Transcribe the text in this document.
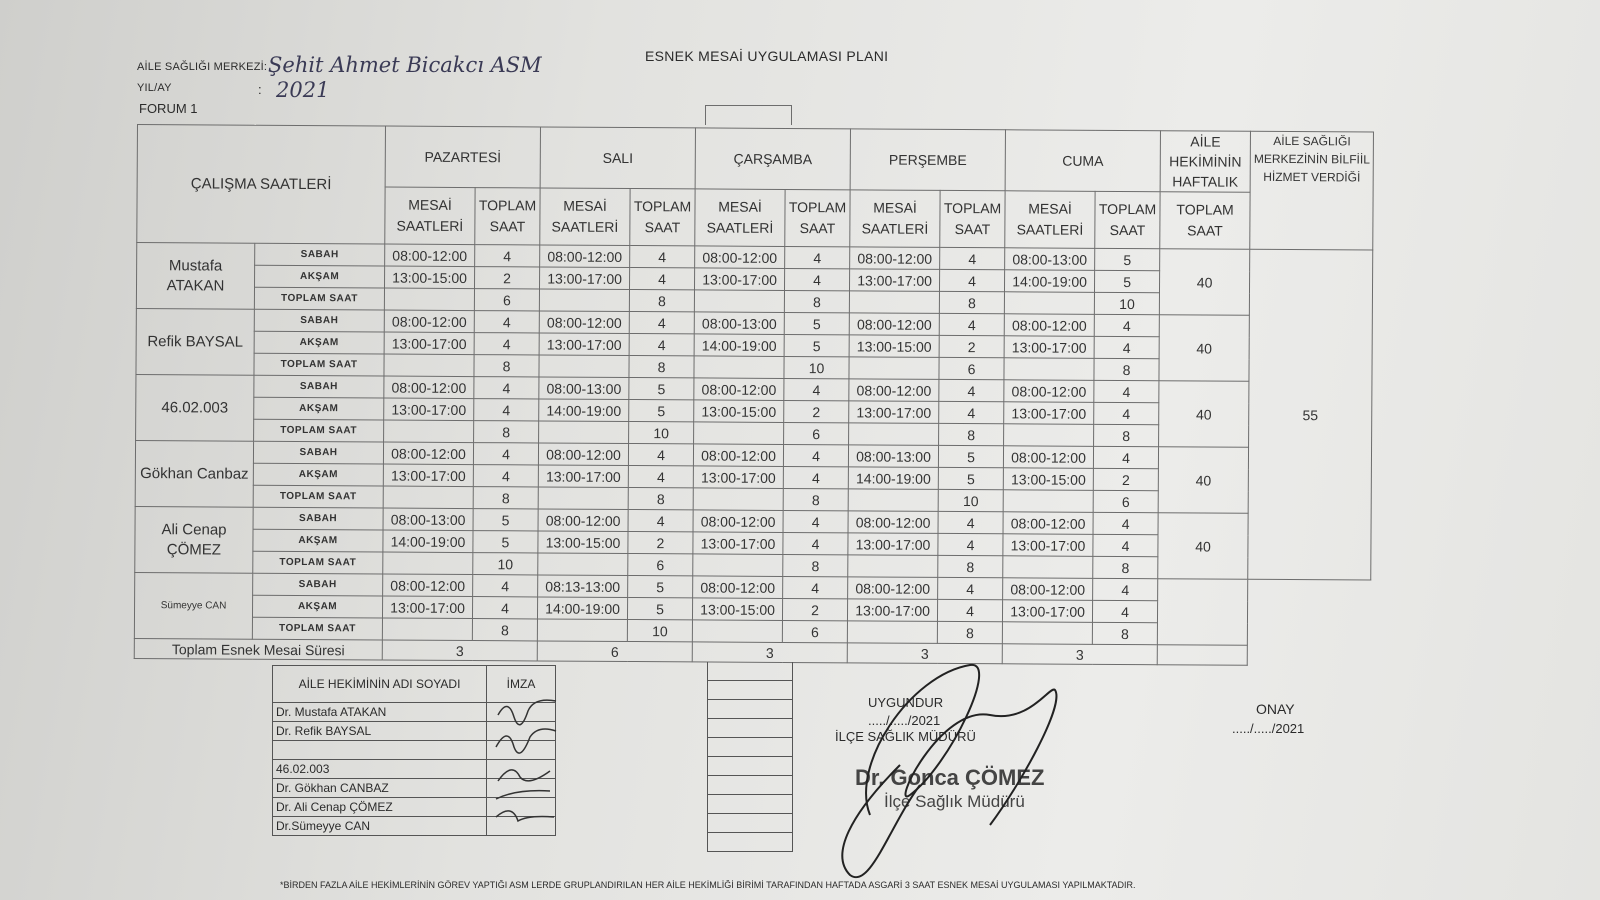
AİLE SAĞLIĞI MERKEZİ: Şehit Ahmet Bicakcı ASM
YIL/AY	: 2021
FORUM 1
ESNEK MESAİ UYGULAMASI PLANI
ÇALIŞMA SAATLERİ		PAZARTESİ		SALI		ÇARŞAMBA		PERŞEMBE		CUMA		AİLE HEKİMİNİN HAFTALIK	AİLE SAĞLIĞI MERKEZİNİN BİLFİİL HİZMET VERDİĞİ
		MESAİ SAATLERİ	TOPLAM SAAT	MESAİ SAATLERİ	TOPLAM SAAT	MESAİ SAATLERİ	TOPLAM SAAT	MESAİ SAATLERİ	TOPLAM SAAT	MESAİ SAATLERİ	TOPLAM SAAT	TOPLAM SAAT	
Mustafa ATAKAN	SABAH	08:00-12:00	4	08:00-12:00	4	08:00-12:00	4	08:00-12:00	4	08:00-13:00	5	40	55
	AKŞAM	13:00-15:00	2	13:00-17:00	4	13:00-17:00	4	13:00-17:00	4	14:00-19:00	5		
	TOPLAM SAAT		6		8		8		8		10		
Refik BAYSAL	SABAH	08:00-12:00	4	08:00-12:00	4	08:00-13:00	5	08:00-12:00	4	08:00-12:00	4	40	
	AKŞAM	13:00-17:00	4	13:00-17:00	4	14:00-19:00	5	13:00-15:00	2	13:00-17:00	4		
	TOPLAM SAAT		8		8		10		6		8		
46.02.003	SABAH	08:00-12:00	4	08:00-13:00	5	08:00-12:00	4	08:00-12:00	4	08:00-12:00	4	40	
	AKŞAM	13:00-17:00	4	14:00-19:00	5	13:00-15:00	2	13:00-17:00	4	13:00-17:00	4		
	TOPLAM SAAT		8		10		6		8		8		
Gökhan Canbaz	SABAH	08:00-12:00	4	08:00-12:00	4	08:00-12:00	4	08:00-13:00	5	08:00-12:00	4	40	
	AKŞAM	13:00-17:00	4	13:00-17:00	4	13:00-17:00	4	14:00-19:00	5	13:00-15:00	2		
	TOPLAM SAAT		8		8		8		10		6		
Ali Cenap ÇÖMEZ	SABAH	08:00-13:00	5	08:00-12:00	4	08:00-12:00	4	08:00-12:00	4	08:00-12:00	4	40	
	AKŞAM	14:00-19:00	5	13:00-15:00	2	13:00-17:00	4	13:00-17:00	4	13:00-17:00	4		
	TOPLAM SAAT		10		6		8		8		8		
Sümeyye CAN	SABAH	08:00-12:00	4	08:13-13:00	5	08:00-12:00	4	08:00-12:00	4	08:00-12:00	4		
	AKŞAM	13:00-17:00	4	14:00-19:00	5	13:00-15:00	2	13:00-17:00	4	13:00-17:00	4		
	TOPLAM SAAT		8		10		6		8		8		
Toplam Esnek Mesai Süresi		3		6		3		3		3			
AİLE HEKİMİNİN ADI SOYADI	İMZA
Dr. Mustafa ATAKAN	
Dr. Refik BAYSAL	

46.02.003	
Dr. Gökhan CANBAZ	
Dr. Ali Cenap ÇÖMEZ	
Dr.Sümeyye CAN	
UYGUNDUR
...../...../2021
İLÇE SAĞLIK MÜDÜRÜ
Dr. Gonca ÇÖMEZ
İlçe Sağlık Müdürü
ONAY
...../...../2021
*BİRDEN FAZLA AİLE HEKİMLERİNİN GÖREV YAPTIĞI ASM LERDE GRUPLANDIRILAN HER AİLE HEKİMLİĞİ BİRİMİ TARAFINDAN HAFTADA ASGARİ 3 SAAT ESNEK MESAİ UYGULAMASI YAPILMAKTADIR.
